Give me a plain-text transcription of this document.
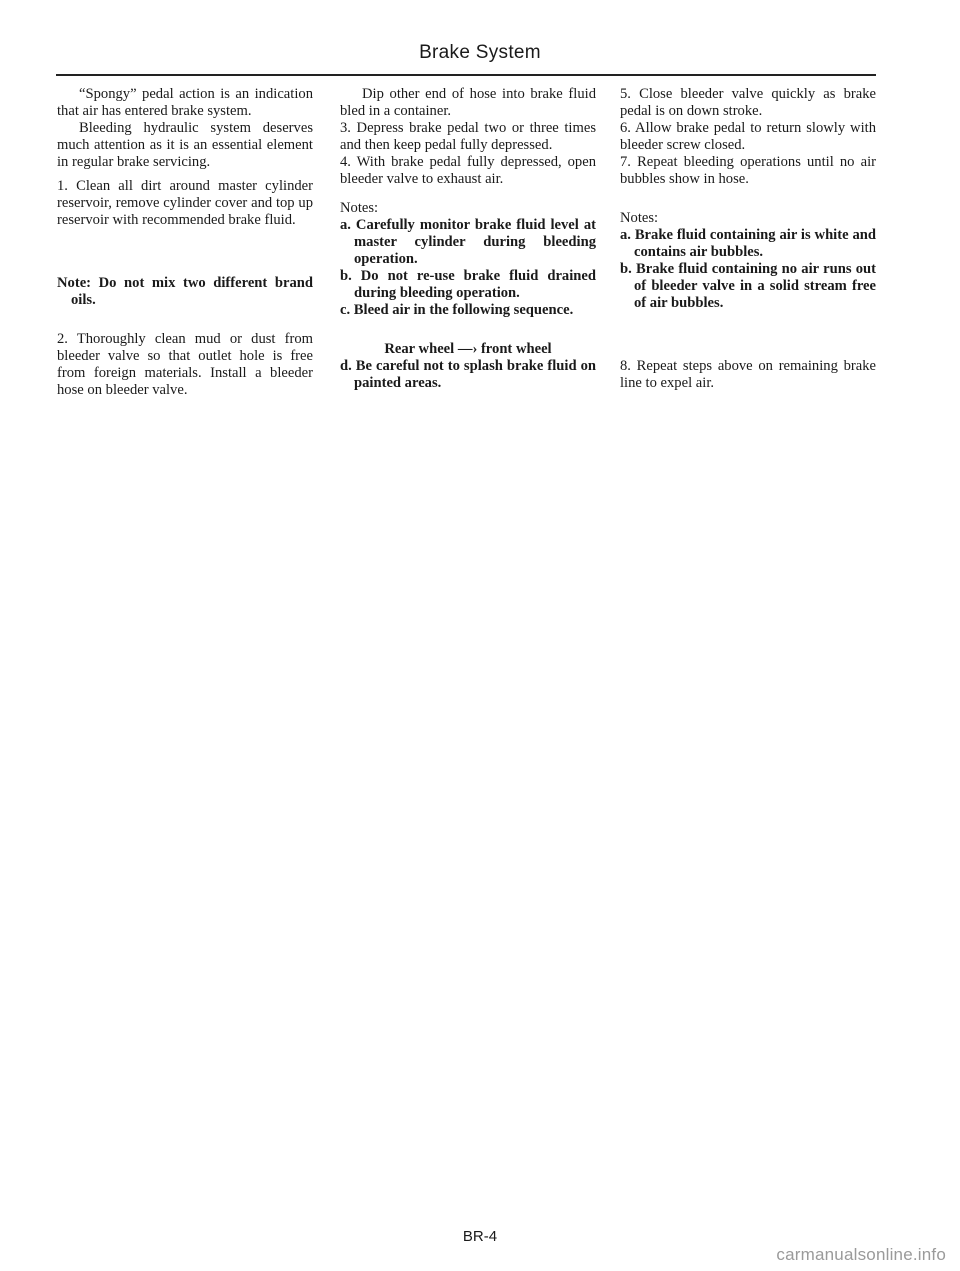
Brake System

“Spongy” pedal action is an indication that air has entered brake system.

Bleeding hydraulic system deserves much attention as it is an essential element in regular brake servicing.

1. Clean all dirt around master cylinder reservoir, remove cylinder cover and top up reservoir with recommended brake fluid.

Note: Do not mix two different brand oils.

2. Thoroughly clean mud or dust from bleeder valve so that outlet hole is free from foreign materials. Install a bleeder hose on bleeder valve.

Dip other end of hose into brake fluid bled in a container.

3. Depress brake pedal two or three times and then keep pedal fully depressed.

4. With brake pedal fully depressed, open bleeder valve to exhaust air.

Notes:

a. Carefully monitor brake fluid level at master cylinder during bleeding operation.

b. Do not re-use brake fluid drained during bleeding operation.

c. Bleed air in the following sequence.

Rear wheel —› front wheel

d. Be careful not to splash brake fluid on painted areas.

5. Close bleeder valve quickly as brake pedal is on down stroke.

6. Allow brake pedal to return slowly with bleeder screw closed.

7. Repeat bleeding operations until no air bubbles show in hose.

Notes:

a. Brake fluid containing air is white and contains air bubbles.

b. Brake fluid containing no air runs out of bleeder valve in a solid stream free of air bubbles.

8. Repeat steps above on remaining brake line to expel air.

BR-4
carmanualsonline.info
